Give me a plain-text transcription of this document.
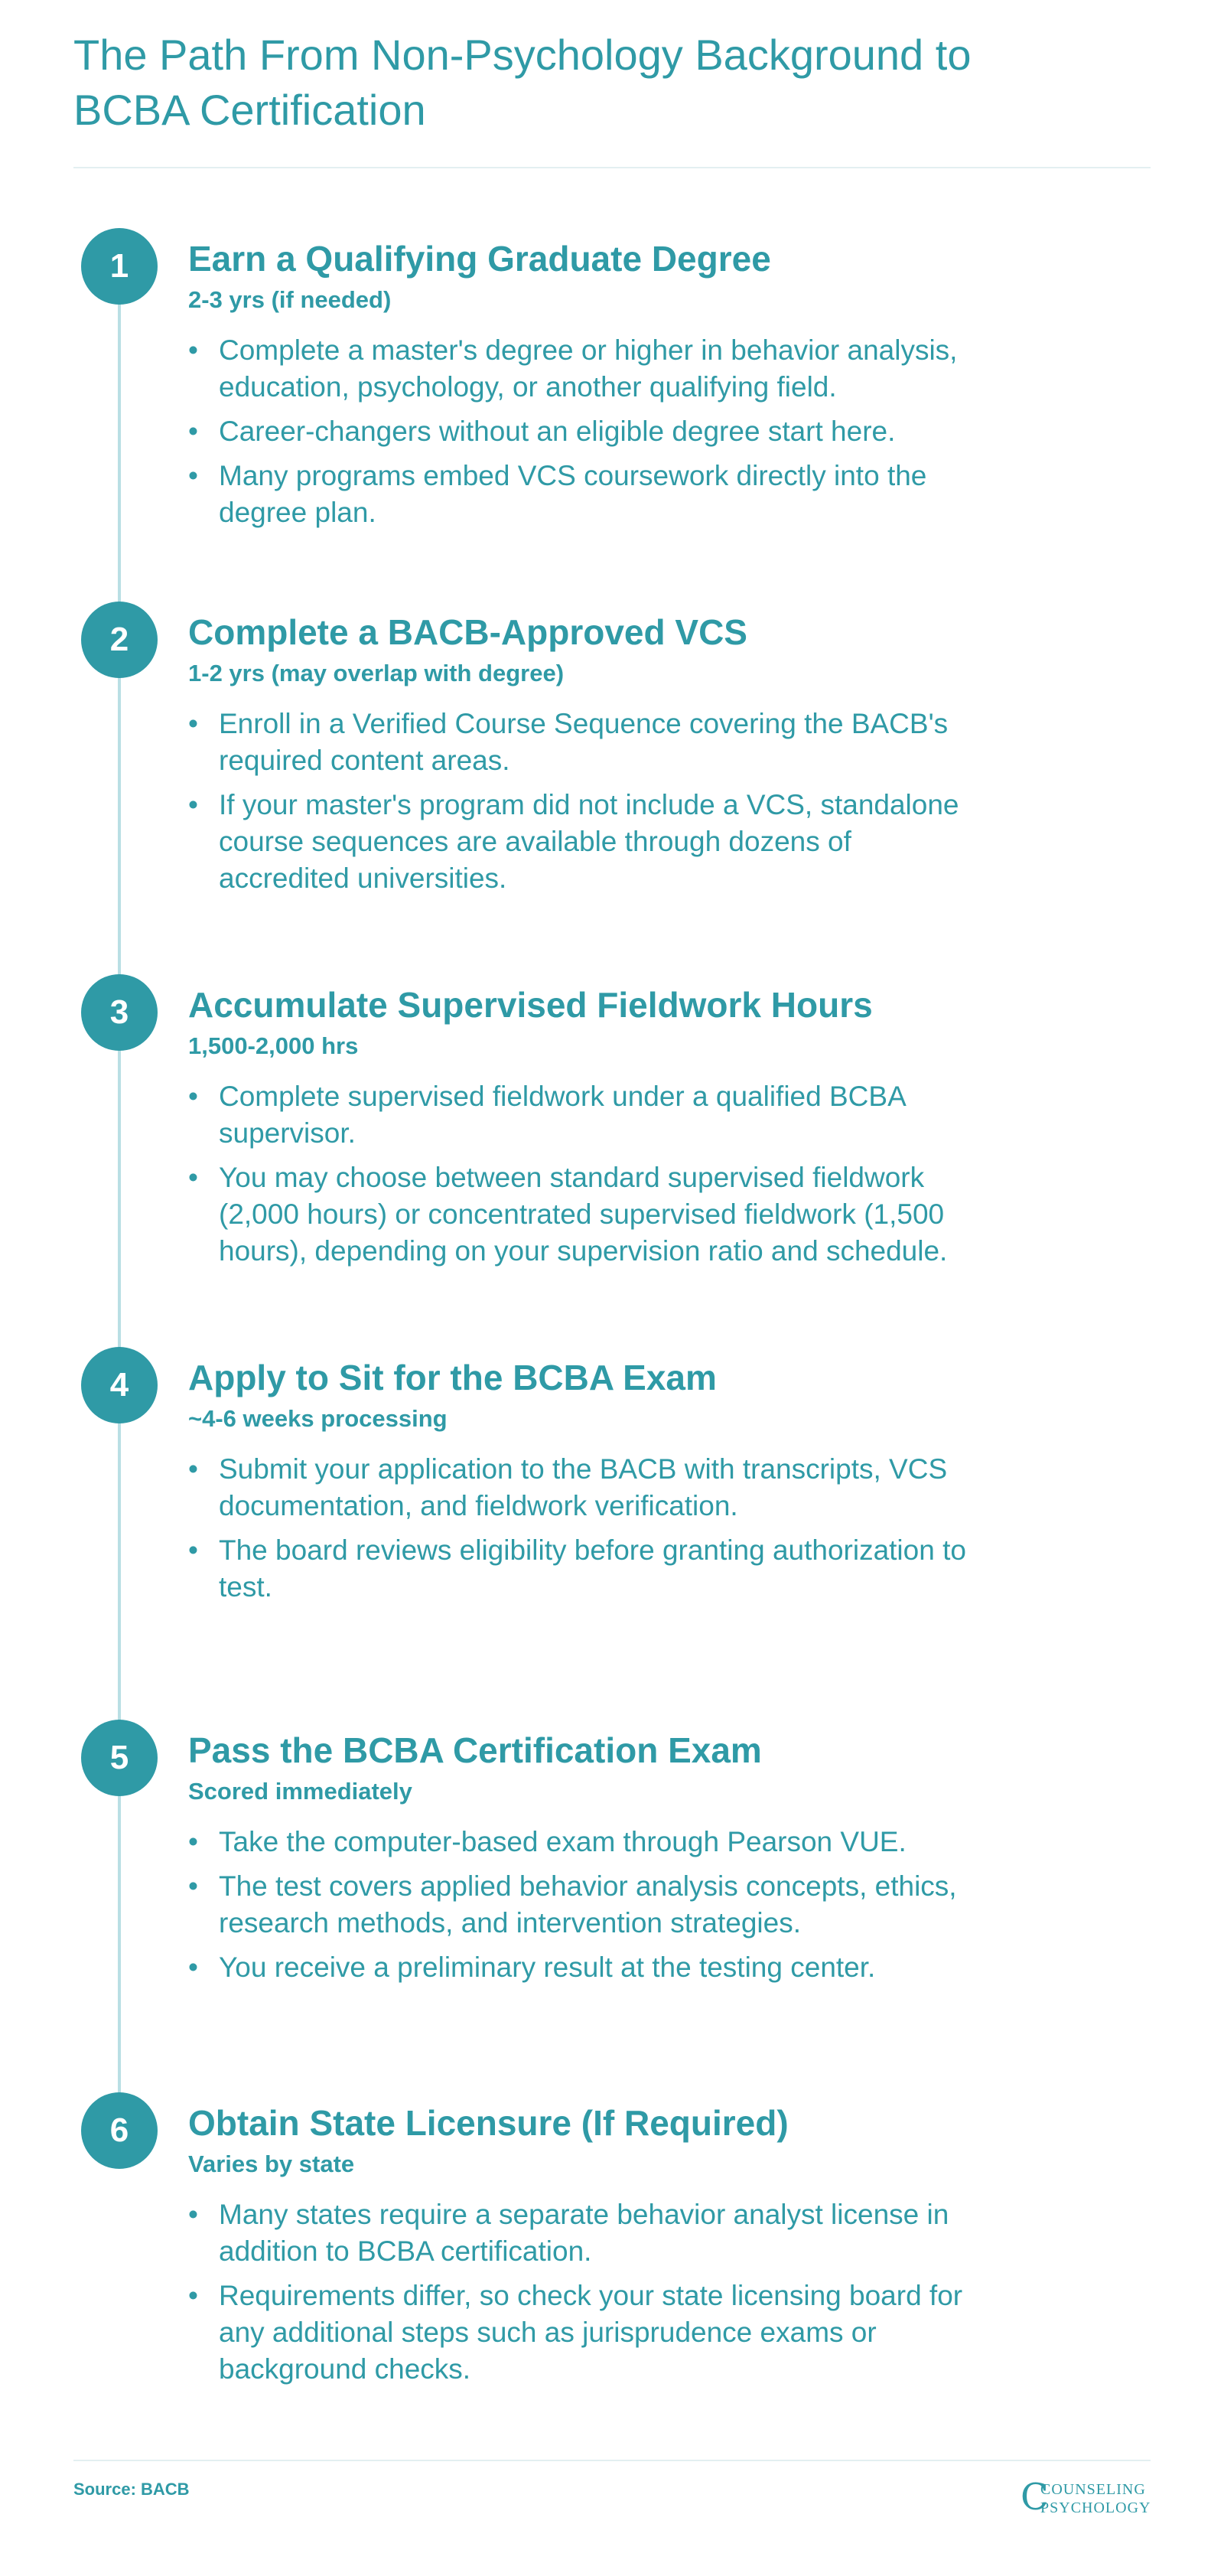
The Path From Non-Psychology Background to BCBA Certification
1	Earn a Qualifying Graduate Degree

2-3 yrs (if needed)

• Complete a master's degree or higher in behavior analysis, education, psychology, or another qualifying field.
• Career-changers without an eligible degree start here.
• Many programs embed VCS coursework directly into the degree plan.
2	Complete a BACB-Approved VCS

1-2 yrs (may overlap with degree)

• Enroll in a Verified Course Sequence covering the BACB's required content areas.
• If your master's program did not include a VCS, standalone course sequences are available through dozens of accredited universities.
3	Accumulate Supervised Fieldwork Hours

1,500-2,000 hrs

• Complete supervised fieldwork under a qualified BCBA supervisor.
• You may choose between standard supervised fieldwork (2,000 hours) or concentrated supervised fieldwork (1,500 hours), depending on your supervision ratio and schedule.
4	Apply to Sit for the BCBA Exam

~4-6 weeks processing

• Submit your application to the BACB with transcripts, VCS documentation, and fieldwork verification.
• The board reviews eligibility before granting authorization to test.
5	Pass the BCBA Certification Exam

Scored immediately

• Take the computer-based exam through Pearson VUE.
• The test covers applied behavior analysis concepts, ethics, research methods, and intervention strategies.
• You receive a preliminary result at the testing center.
6	Obtain State Licensure (If Required)

Varies by state

• Many states require a separate behavior analyst license in addition to BCBA certification.
• Requirements differ, so check your state licensing board for any additional steps such as jurisprudence exams or background checks.
Source: BACB	C
COUNSELING
PSYCHOLOGY
